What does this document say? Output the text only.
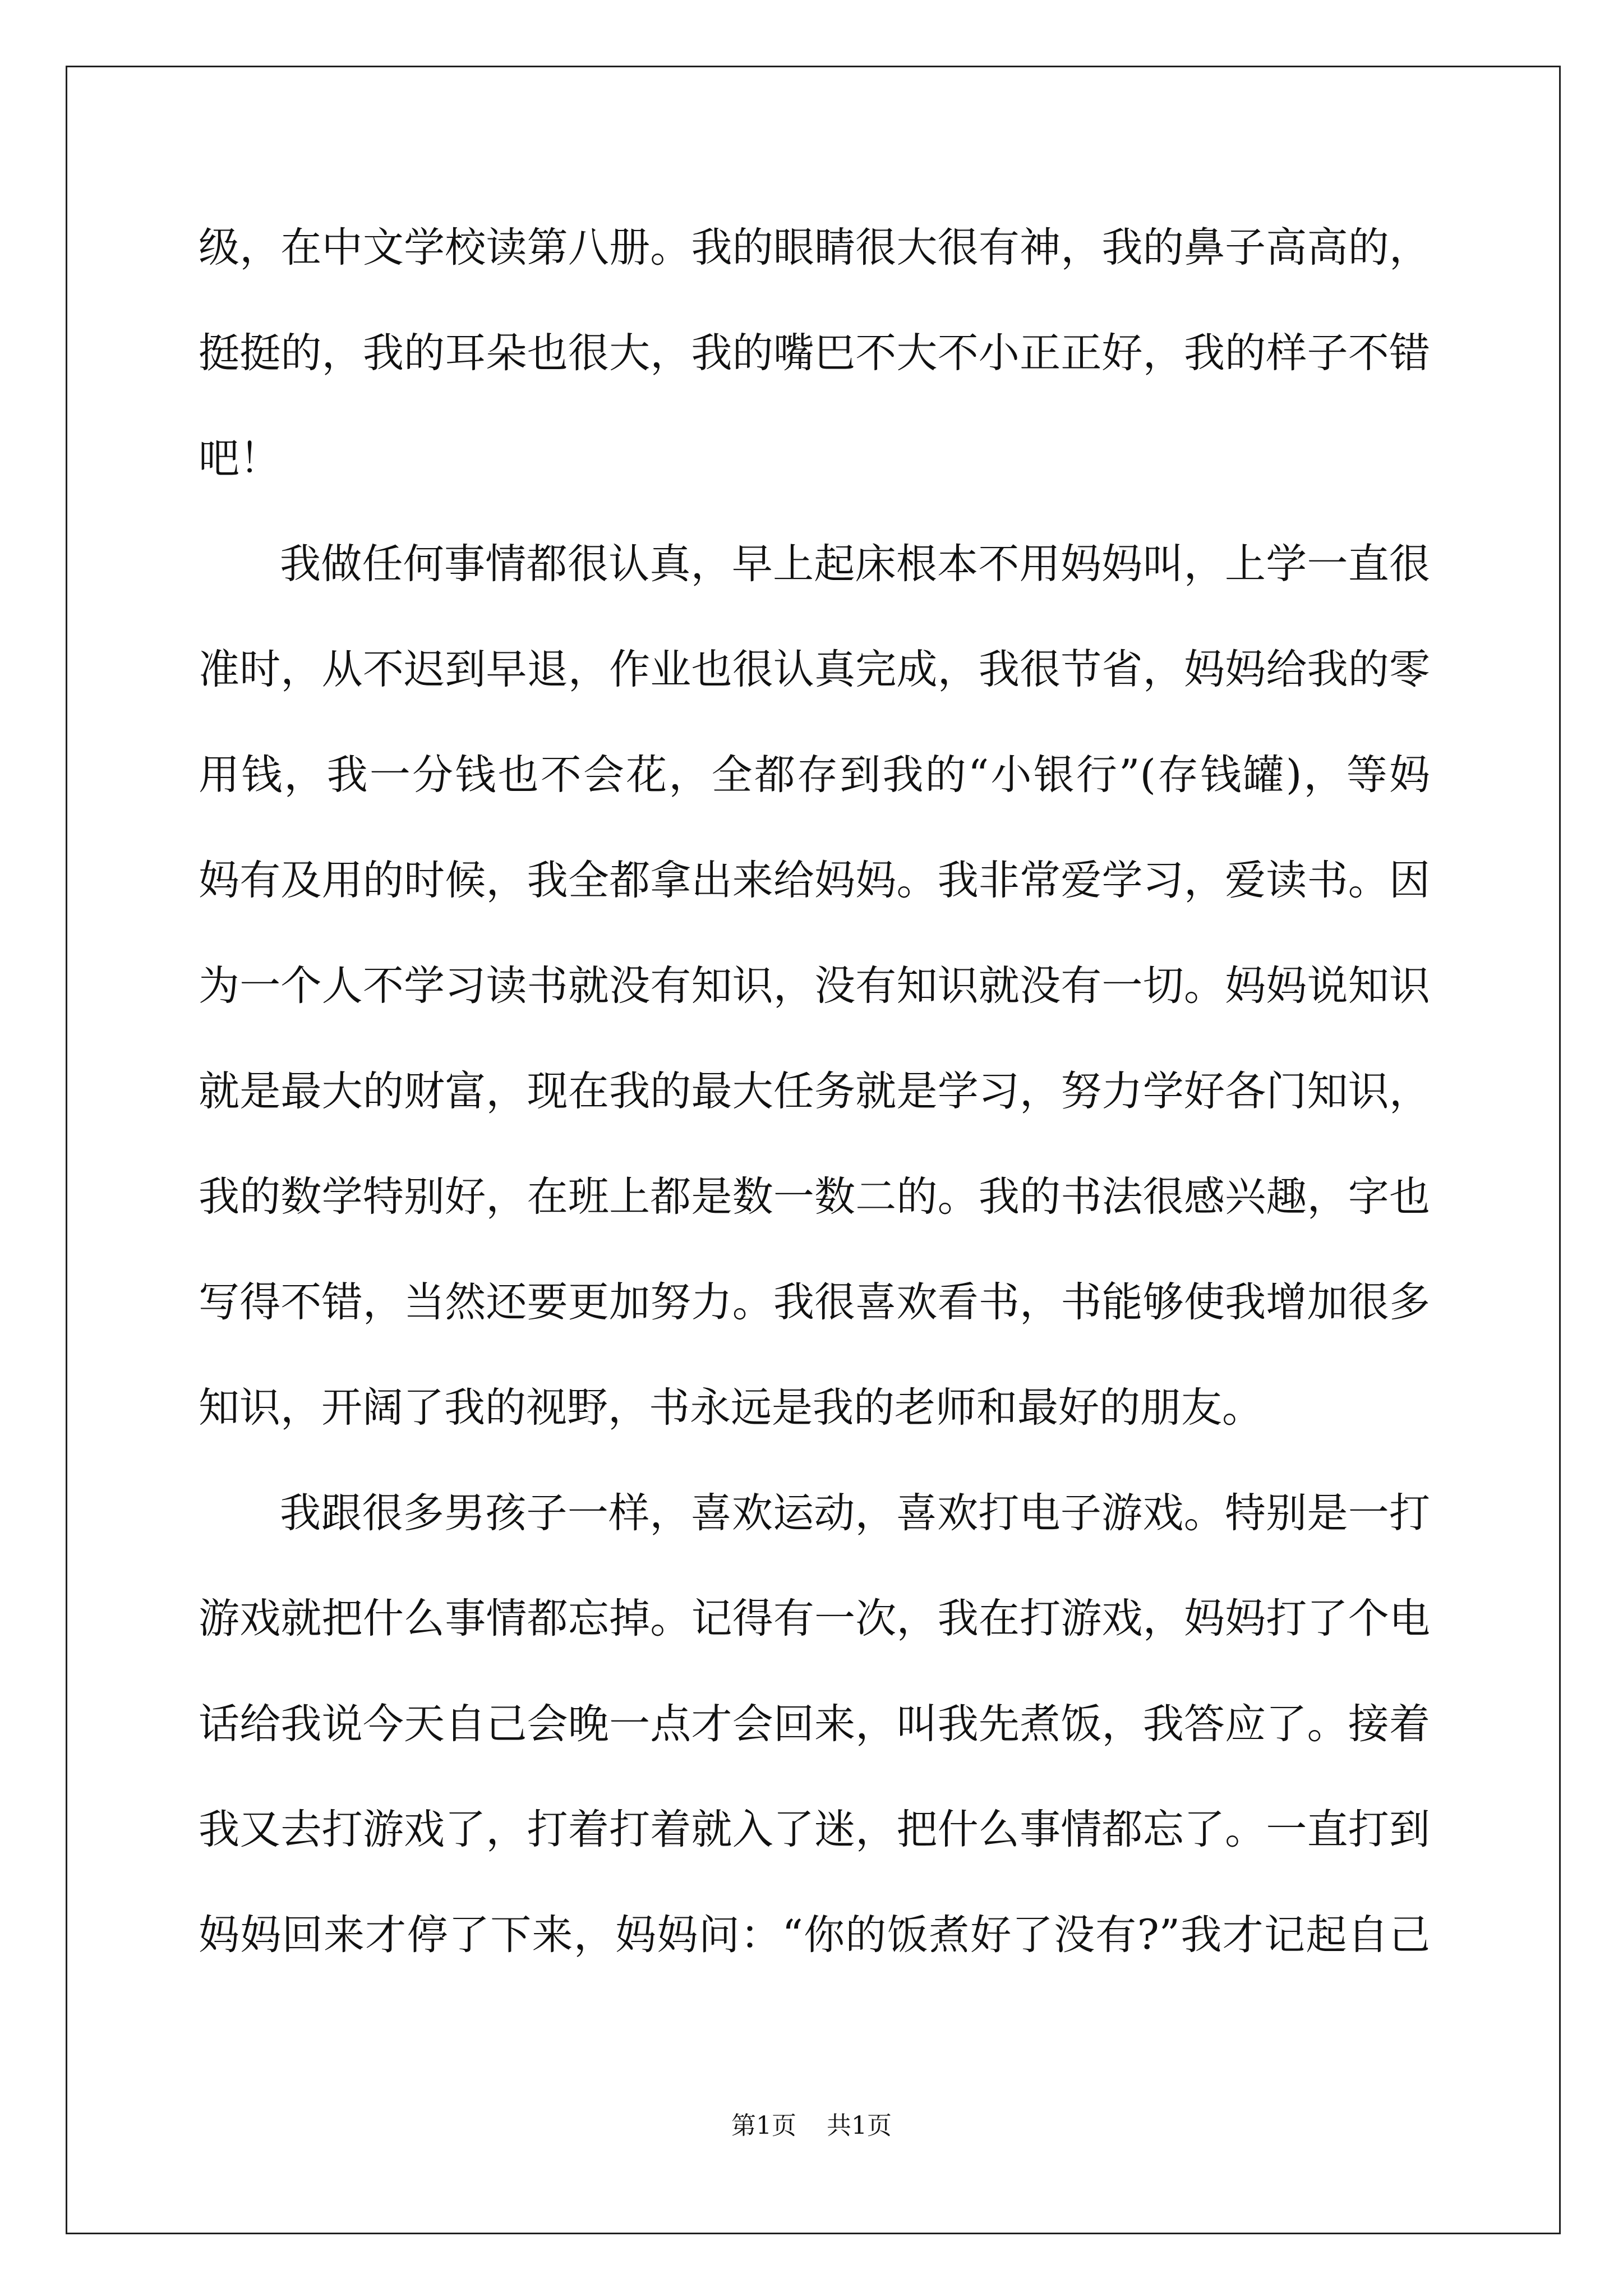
级，在中文学校读第八册。我的眼睛很大很有神，我的鼻子高高的，

挺挺的，我的耳朵也很大，我的嘴巴不大不小正正好，我的样子不错

吧！

我做任何事情都很认真，早上起床根本不用妈妈叫，上学一直很

准时，从不迟到早退，作业也很认真完成，我很节省，妈妈给我的零

用钱，我一分钱也不会花，全都存到我的“小银行”(存钱罐)，等妈

妈有及用的时候，我全都拿出来给妈妈。我非常爱学习，爱读书。因

为一个人不学习读书就没有知识，没有知识就没有一切。妈妈说知识

就是最大的财富，现在我的最大任务就是学习，努力学好各门知识，

我的数学特别好，在班上都是数一数二的。我的书法很感兴趣，字也

写得不错，当然还要更加努力。我很喜欢看书，书能够使我增加很多

知识，开阔了我的视野，书永远是我的老师和最好的朋友。

我跟很多男孩子一样，喜欢运动，喜欢打电子游戏。特别是一打

游戏就把什么事情都忘掉。记得有一次，我在打游戏，妈妈打了个电

话给我说今天自己会晚一点才会回来，叫我先煮饭，我答应了。接着

我又去打游戏了，打着打着就入了迷，把什么事情都忘了。一直打到

妈妈回来才停了下来，妈妈问：“你的饭煮好了没有?”我才记起自己

第1页 共1页
